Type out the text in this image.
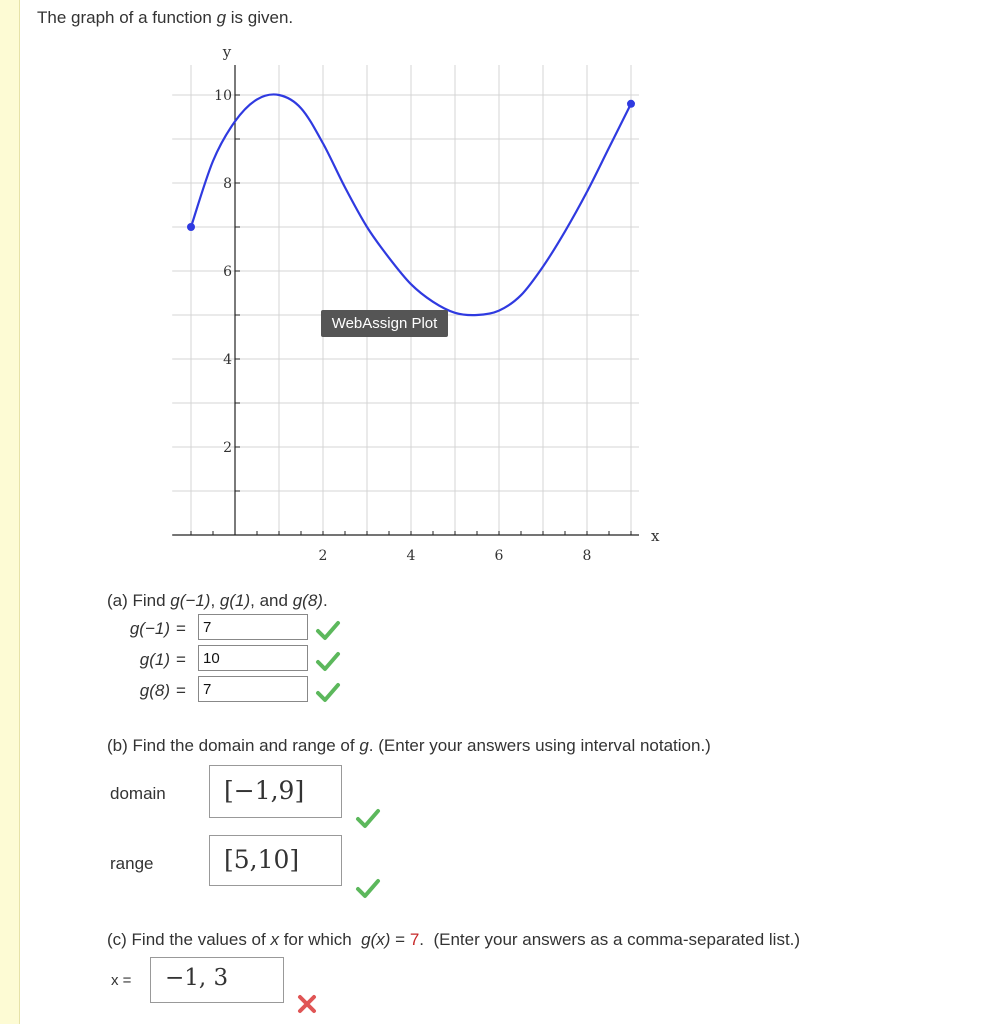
The graph of a function g is given.
2	4	6	8
2
4
6
8
10
x
y
WebAssign Plot
(a) Find g(−1), g(1), and g(8).
g(−1) =	7
g(1) =	10
g(8) =	7
(b) Find the domain and range of g. (Enter your answers using interval notation.)
domain	[−1,9]
range	[5,10]
(c) Find the values of x for which  g(x) = 7.  (Enter your answers as a comma-separated list.)
x =	−1, 3
